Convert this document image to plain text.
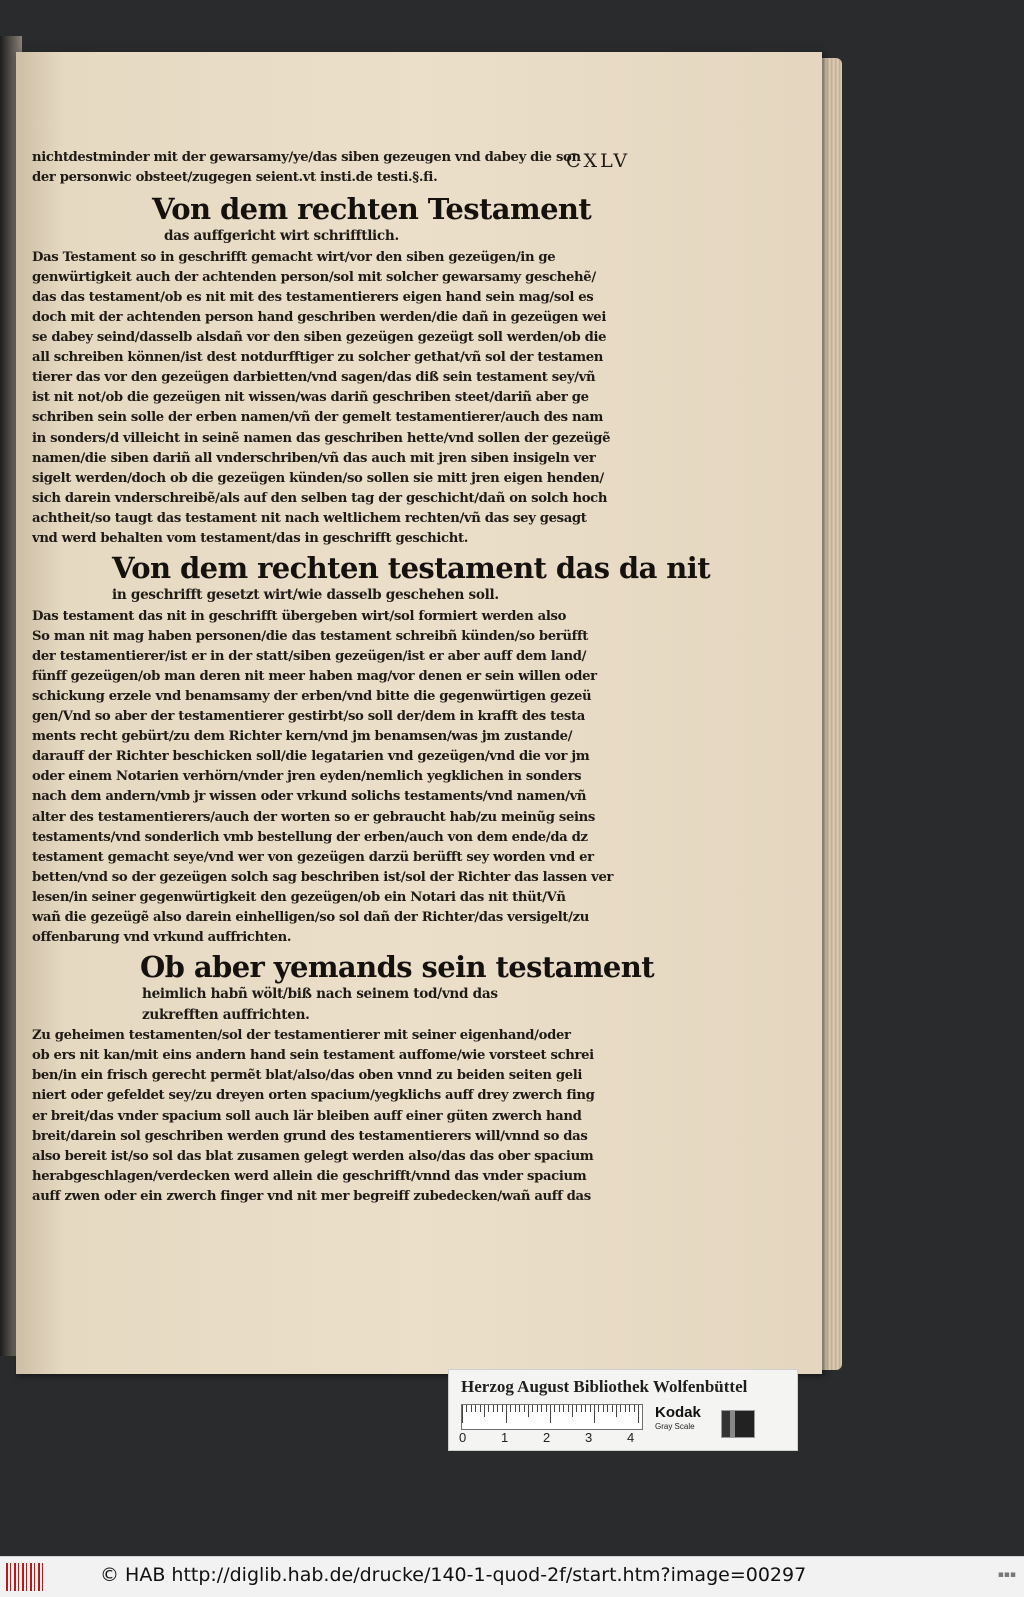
CXLV
nichtdestminder mit der gewarsamy/ye/das siben gezeugen vnd dabey die son
der personwic obsteet/zugegen seient.vt insti.de testi.§.fi.
Von dem rechten Testament
das auffgericht wirt schrifftlich.
Das Testament so in geschrifft gemacht wirt/vor den siben gezeügen/in ge
genwürtigkeit auch der achtenden person/sol mit solcher gewarsamy geschehẽ/
das das testament/ob es nit mit des testamentierers eigen hand sein mag/sol es
doch mit der achtenden person hand geschriben werden/die dañ in gezeügen wei
se dabey seind/dasselb alsdañ vor den siben gezeügen gezeügt soll werden/ob die
all schreiben können/ist dest notdurfftiger zu solcher gethat/vñ sol der testamen
tierer das vor den gezeügen darbietten/vnd sagen/das diß sein testament sey/vñ
ist nit not/ob die gezeügen nit wissen/was dariñ geschriben steet/dariñ aber ge
schriben sein solle der erben namen/vñ der gemelt testamentierer/auch des nam
in sonders/d villeicht in seinẽ namen das geschriben hette/vnd sollen der gezeügẽ
namen/die siben dariñ all vnderschriben/vñ das auch mit jren siben insigeln ver
sigelt werden/doch ob die gezeügen künden/so sollen sie mitt jren eigen henden/
sich darein vnderschreibẽ/als auf den selben tag der geschicht/dañ on solch hoch
achtheit/so taugt das testament nit nach weltlichem rechten/vñ das sey gesagt
vnd werd behalten vom testament/das in geschrifft geschicht.
Von dem rechten testament das da nit
in geschrifft gesetzt wirt/wie dasselb geschehen soll.
Das testament das nit in geschrifft übergeben wirt/sol formiert werden also
So man nit mag haben personen/die das testament schreibñ künden/so berüfft
der testamentierer/ist er in der statt/siben gezeügen/ist er aber auff dem land/
fünff gezeügen/ob man deren nit meer haben mag/vor denen er sein willen oder
schickung erzele vnd benamsamy der erben/vnd bitte die gegenwürtigen gezeü
gen/Vnd so aber der testamentierer gestirbt/so soll der/dem in krafft des testa
ments recht gebürt/zu dem Richter kern/vnd jm benamsen/was jm zustande/
darauff der Richter beschicken soll/die legatarien vnd gezeügen/vnd die vor jm
oder einem Notarien verhörn/vnder jren eyden/nemlich yegklichen in sonders
nach dem andern/vmb jr wissen oder vrkund solichs testaments/vnd namen/vñ
alter des testamentierers/auch der worten so er gebraucht hab/zu meinũg seins
testaments/vnd sonderlich vmb bestellung der erben/auch von dem ende/da dz
testament gemacht seye/vnd wer von gezeügen darzü berüfft sey worden vnd er
betten/vnd so der gezeügen solch sag beschriben ist/sol der Richter das lassen ver
lesen/in seiner gegenwürtigkeit den gezeügen/ob ein Notari das nit thüt/Vñ
wañ die gezeügẽ also darein einhelligen/so sol dañ der Richter/das versigelt/zu
offenbarung vnd vrkund auffrichten.
Ob aber yemands sein testament
heimlich habñ wölt/biß nach seinem tod/vnd das
zukrefften auffrichten.
Zu geheimen testamenten/sol der testamentierer mit seiner eigenhand/oder
ob ers nit kan/mit eins andern hand sein testament auffome/wie vorsteet schrei
ben/in ein frisch gerecht permẽt blat/also/das oben vnnd zu beiden seiten geli
niert oder gefeldet sey/zu dreyen orten spacium/yegklichs auff drey zwerch fing
er breit/das vnder spacium soll auch lär bleiben auff einer güten zwerch hand
breit/darein sol geschriben werden grund des testamentierers will/vnnd so das
also bereit ist/so sol das blat zusamen gelegt werden also/das das ober spacium
herabgeschlagen/verdecken werd allein die geschrifft/vnnd das vnder spacium
auff zwen oder ein zwerch finger vnd nit mer begreiff zubedecken/wañ auff das
Herzog August Bibliothek Wolfenbüttel
0	1	2	3	4
Kodak
Gray Scale
© HAB http://diglib.hab.de/drucke/140-1-quod-2f/start.htm?image=00297	▪▪▪
